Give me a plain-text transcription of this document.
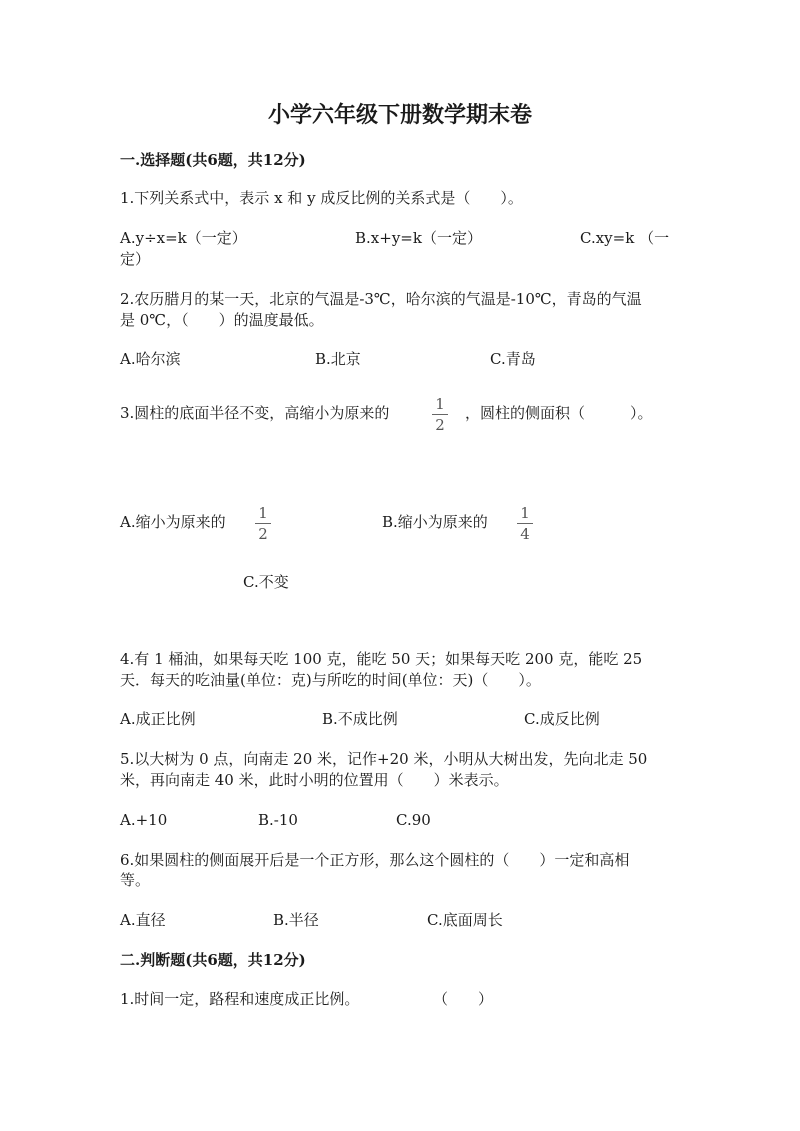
小学六年级下册数学期末卷
一.选择题(共6题，共12分)
1.下列关系式中，表示 x 和 y 成反比例的关系式是（　　）。
A.y÷x=k（一定）	B.x+y=k（一定）	C.xy=k （一
定）
2.农历腊月的某一天，北京的气温是-3℃，哈尔滨的气温是-10℃，青岛的气温
是 0℃，（　　）的温度最低。
A.哈尔滨	B.北京	C.青岛
3.圆柱的底面半径不变，高缩小为原来的	1
2
，圆柱的侧面积（　　　）。
A.缩小为原来的	1
2
B.缩小为原来的	1
4
C.不变
4.有 1 桶油，如果每天吃 100 克，能吃 50 天；如果每天吃 200 克，能吃 25
天．每天的吃油量(单位：克)与所吃的时间(单位：天)（　　）。
A.成正比例	B.不成比例	C.成反比例
5.以大树为 0 点，向南走 20 米，记作+20 米，小明从大树出发，先向北走 50
米，再向南走 40 米，此时小明的位置用（　　）米表示。
A.+10	B.-10	C.90
6.如果圆柱的侧面展开后是一个正方形，那么这个圆柱的（　　）一定和高相
等。
A.直径	B.半径	C.底面周长
二.判断题(共6题，共12分)
1.时间一定，路程和速度成正比例。	（　　）
